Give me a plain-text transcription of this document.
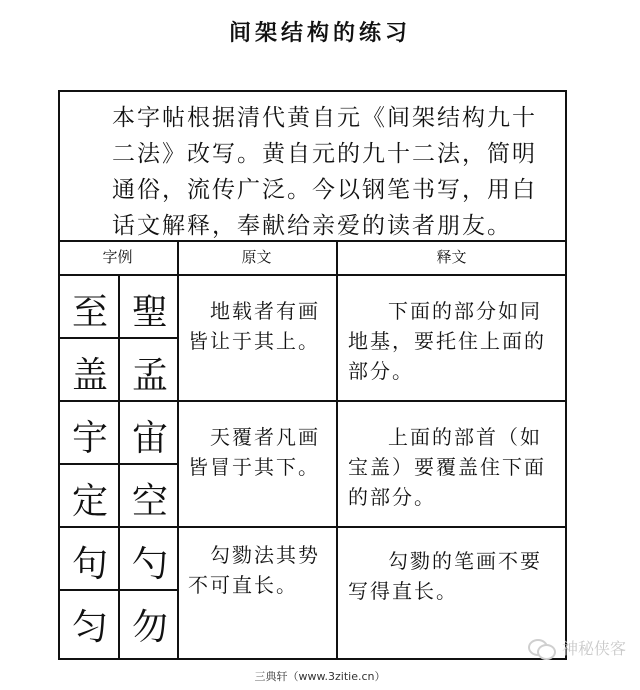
间架结构的练习
本字帖根据清代黄自元《间架结构九十二法》改写。黄自元的九十二法，简明通俗，流传广泛。今以钢笔书写，用白话文解释，奉献给亲爱的读者朋友。
字例	原文	释文
至 聖
盖 孟
宇 宙
定 空
句 勺
匀 勿
地载者有画皆让于其上。
天覆者凡画皆冒于其下。
勾勠法其势不可直长。
下面的部分如同地基，要托住上面的部分。
上面的部首（如宝盖）要覆盖住下面的部分。
勾勠的笔画不要写得直长。
神秘侠客
三典轩（www.3zitie.cn）
